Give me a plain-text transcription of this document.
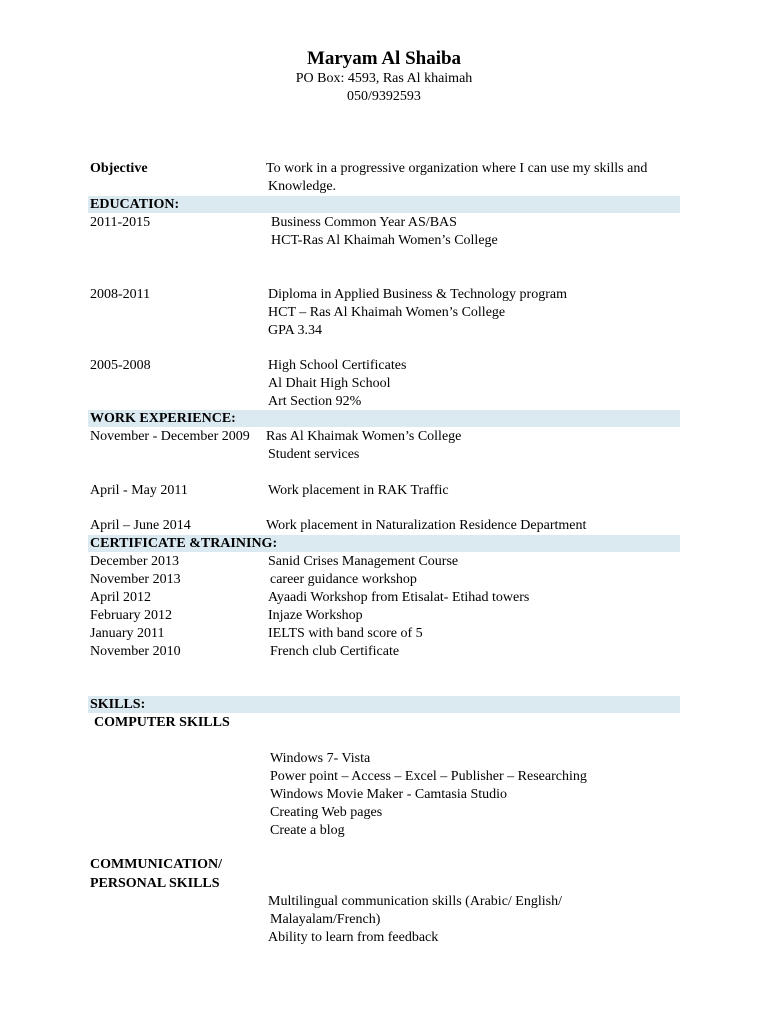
Maryam Al Shaiba
PO Box: 4593, Ras Al khaimah
050/9392593
Objective	To work in a progressive organization where I can use my skills and
Knowledge.
EDUCATION:
2011-2015	Business Common Year AS/BAS
HCT-Ras Al Khaimah Women’s College
2008-2011	Diploma in Applied Business & Technology program
HCT – Ras Al Khaimah Women’s College
GPA 3.34
2005-2008	High School Certificates
Al Dhait High School
Art Section 92%
WORK EXPERIENCE:
November - December 2009 Ras Al Khaimak Women’s College
Student services
April - May 2011	Work placement in RAK Traffic
April – June 2014	Work placement in Naturalization Residence Department
CERTIFICATE &TRAINING:
December 2013	Sanid Crises Management Course
November 2013	career guidance workshop
April 2012	Ayaadi Workshop from Etisalat- Etihad towers
February 2012	Injaze Workshop
January 2011	IELTS with band score of 5
November 2010	French club Certificate
SKILLS:
COMPUTER SKILLS
Windows 7- Vista
Power point – Access – Excel – Publisher – Researching
Windows Movie Maker - Camtasia Studio
Creating Web pages
Create a blog
COMMUNICATION/
PERSONAL SKILLS
Multilingual communication skills (Arabic/ English/
Malayalam/French)
Ability to learn from feedback
